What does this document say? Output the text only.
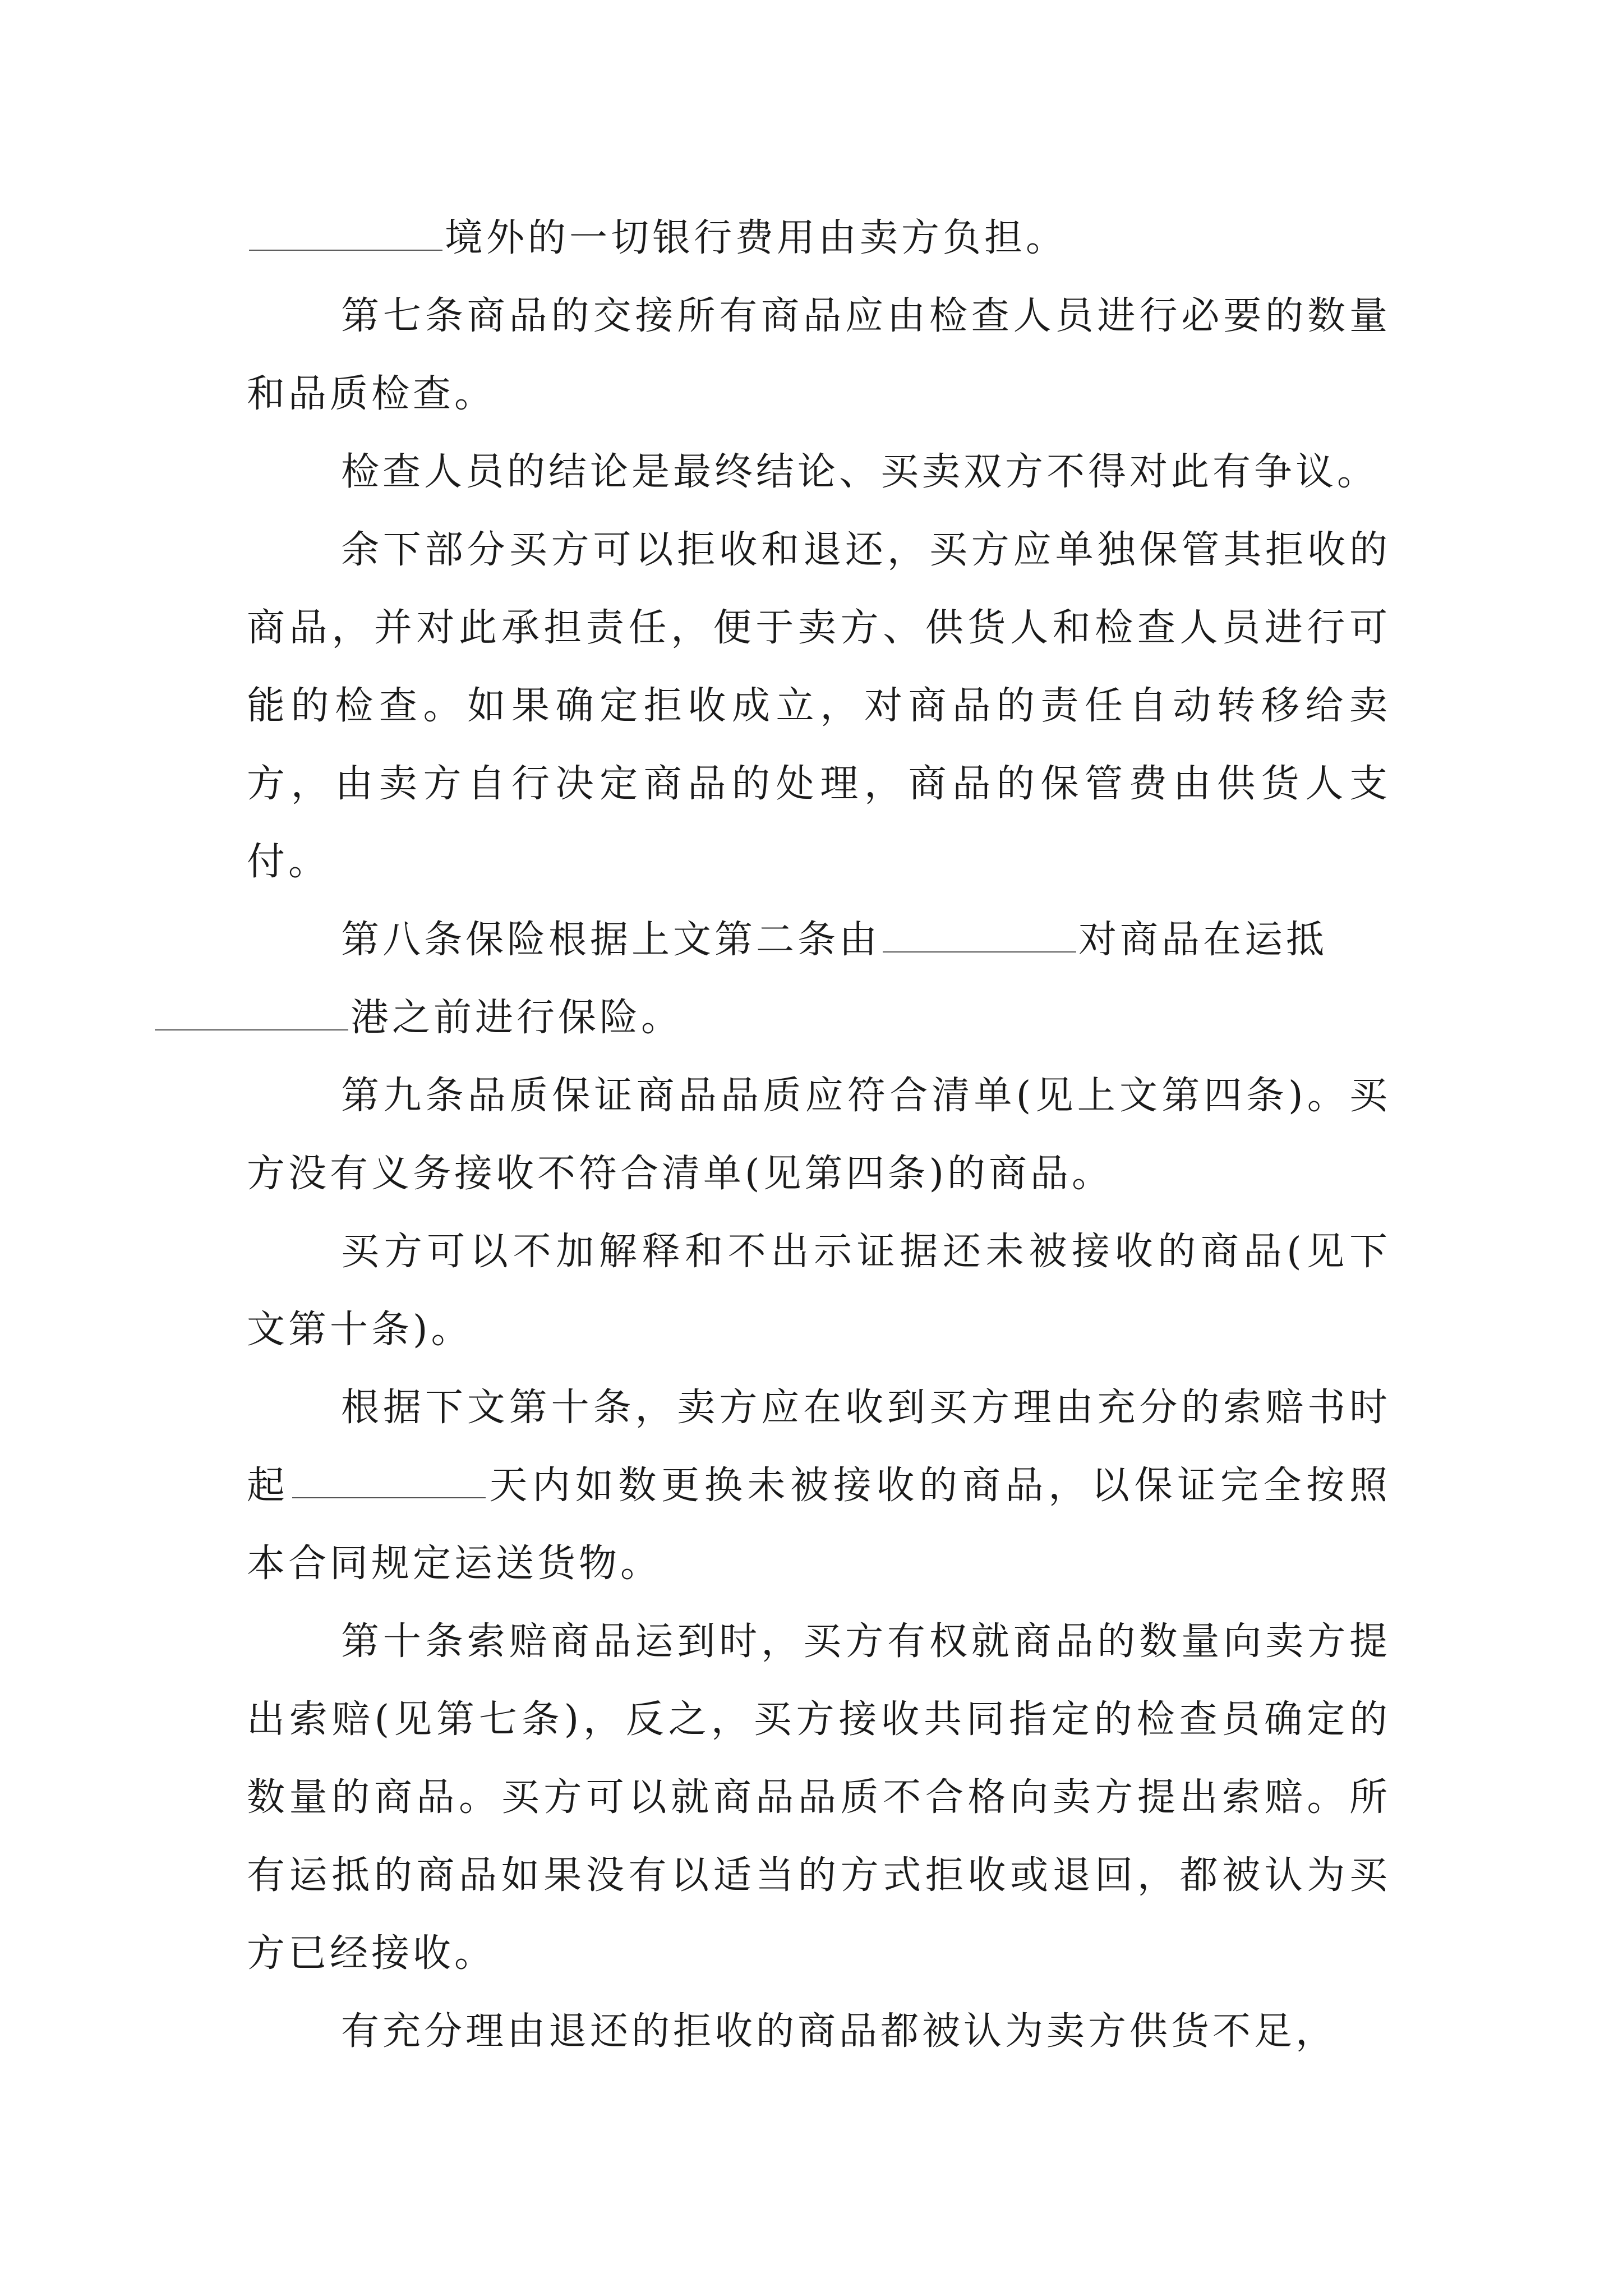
境外的一切银行费用由卖方负担。

第七条商品的交接所有商品应由检查人员进行必要的数量和品质检查。

检查人员的结论是最终结论、买卖双方不得对此有争议。

余下部分买方可以拒收和退还，买方应单独保管其拒收的商品，并对此承担责任，便于卖方、供货人和检查人员进行可能的检查。如果确定拒收成立，对商品的责任自动转移给卖方，由卖方自行决定商品的处理，商品的保管费由供货人支付。

第八条保险根据上文第二条由	对商品在运抵
港之前进行保险。

第九条品质保证商品品质应符合清单(见上文第四条)。买方没有义务接收不符合清单(见第四条)的商品。

买方可以不加解释和不出示证据还未被接收的商品(见下文第十条)。

根据下文第十条，卖方应在收到买方理由充分的索赔书时起	天内如数更换未被接收的商品，以保证完全按照本合同规定运送货物。

第十条索赔商品运到时，买方有权就商品的数量向卖方提出索赔(见第七条)，反之，买方接收共同指定的检查员确定的数量的商品。买方可以就商品品质不合格向卖方提出索赔。所有运抵的商品如果没有以适当的方式拒收或退回，都被认为买方已经接收。

有充分理由退还的拒收的商品都被认为卖方供货不足，
